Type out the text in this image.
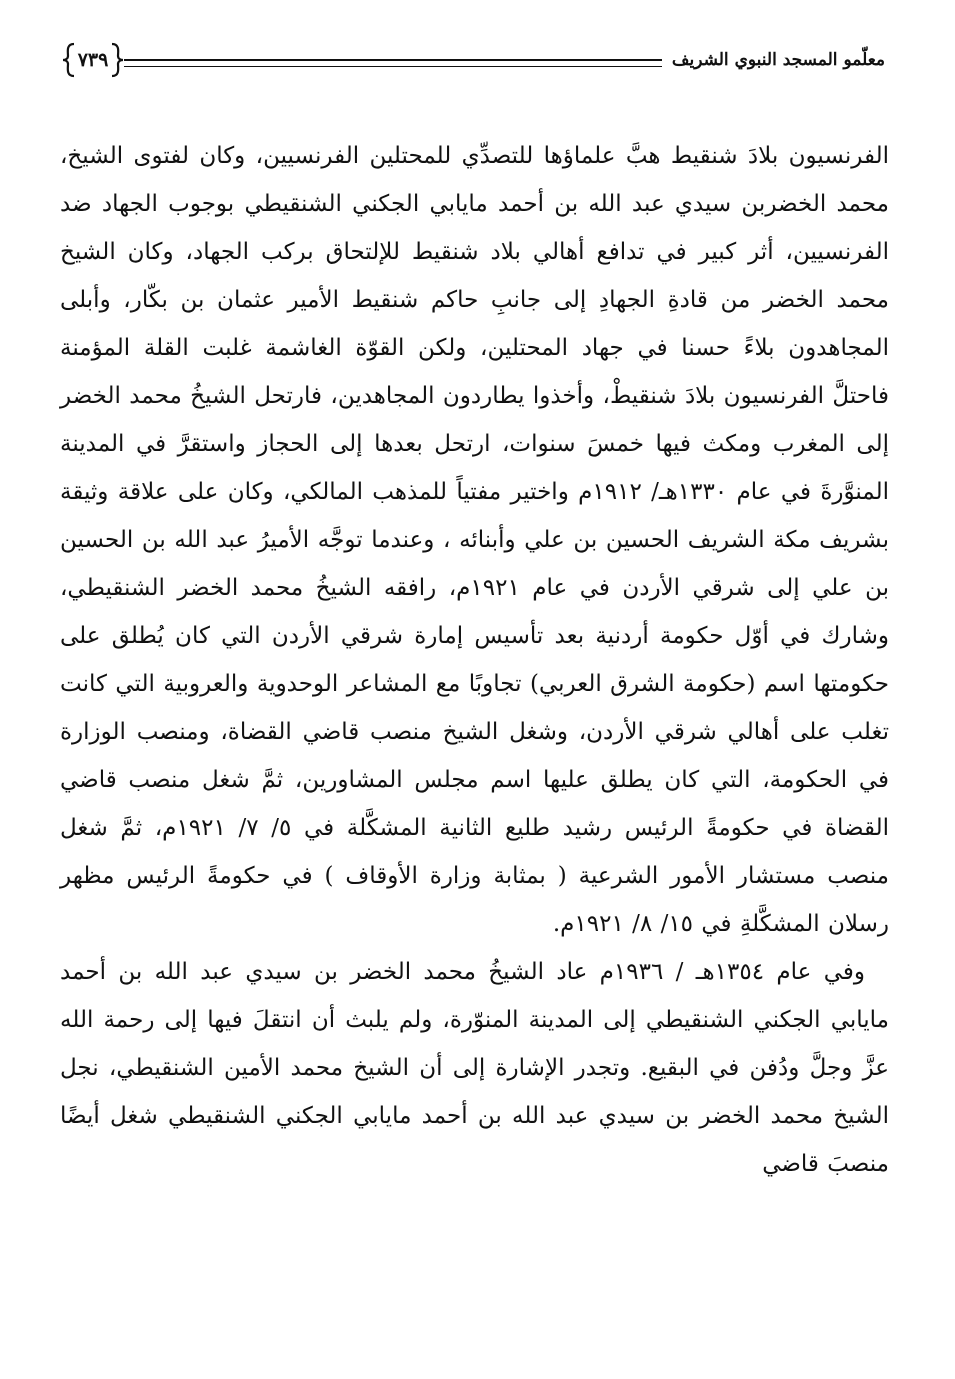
معلّمو المسجد النبوي الشريف
٧٣٩

الفرنسيون بلادَ شنقيط هبَّ علماؤها للتصدِّي للمحتلين الفرنسيين، وكان لفتوى الشيخ، محمد الخضربن سيدي عبد الله بن أحمد مايابي الجكني الشنقيطي بوجوب الجهاد ضد الفرنسيين، أثر كبير في تدافع أهالي بلاد شنقيط للإلتحاق بركب الجهاد، وكان الشيخ محمد الخضر من قادةِ الجهادِ إلى جانبِ حاكم شنقيط الأمير عثمان بن بكّار، وأبلى المجاهدون بلاءً حسنا في جهاد المحتلين، ولكن القوّة الغاشمة غلبت القلة المؤمنة فاحتلَّ الفرنسيون بلادَ شنقيطْ، وأخذوا يطاردون المجاهدين، فارتحل الشيخُ محمد الخضر إلى المغرب ومكث فيها خمسَ سنوات، ارتحل بعدها إلى الحجاز واستقرَّ في المدينة المنوَّرةَ في عام ١٣٣٠هـ/ ١٩١٢م واختير مفتياً للمذهب المالكي، وكان على علاقة وثيقة بشريف مكة الشريف الحسين بن علي وأبنائه ، وعندما توجَّه الأميرُ عبد الله بن الحسين بن علي إلى شرقي الأردن في عام ١٩٢١م، رافقه الشيخُ محمد الخضر الشنقيطي، وشارك في أوّل حكومة أردنية بعد تأسيس إمارة شرقي الأردن التي كان يُطلق على حكومتها اسم (حكومة الشرق العربي) تجاوبًا مع المشاعر الوحدوية والعروبية التي كانت تغلب على أهالي شرقي الأردن، وشغل الشيخ منصب قاضي القضاة، ومنصب الوزارة في الحكومة، التي كان يطلق عليها اسم مجلس المشاورين، ثمَّ شغل منصب قاضي القضاة في حكومةً الرئيس رشيد طليع الثانية المشكَّلة في ٥/ ٧/ ١٩٢١م، ثمَّ شغل منصب مستشار الأمور الشرعية ( بمثابة وزارة الأوقاف ) في حكومةً الرئيس مظهر رسلان المشكَّلةِ في ١٥/ ٨/ ١٩٢١م.

وفي عام ١٣٥٤هـ / ١٩٣٦م عاد الشيخُ محمد الخضر بن سيدي عبد الله بن أحمد مايابي الجكني الشنقيطي إلى المدينة المنوّرة، ولم يلبث أن انتقلَ فيها إلى رحمة الله عزَّ وجلَّ ودُفن في البقيع. وتجدر الإشارة إلى أن الشيخ محمد الأمين الشنقيطي، نجل الشيخ محمد الخضر بن سيدي عبد الله بن أحمد مايابي الجكني الشنقيطي شغل أيضًا منصبَ قاضي
